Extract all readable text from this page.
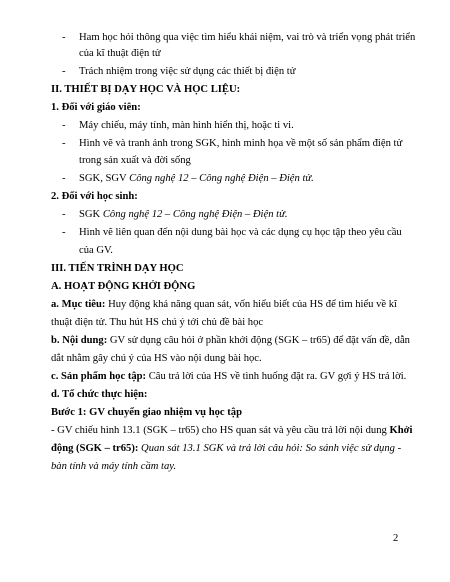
- Ham học hỏi thông qua việc tìm hiểu khái niệm, vai trò và triển vọng phát triển
của kĩ thuật điện tử
- Trách nhiệm trong việc sử dụng các thiết bị điện tử
II. THIẾT BỊ DẠY HỌC VÀ HỌC LIỆU:
1. Đối với giáo viên:
- Máy chiếu, máy tính, màn hình hiển thị, hoặc ti vi.
- Hình vẽ và tranh ảnh trong SGK, hình minh họa về một số sản phẩm điện tử
trong sản xuất và đời sống
- SGK, SGV Công nghệ 12 – Công nghệ Điện – Điện tử.
2. Đối với học sinh:
- SGK Công nghệ 12 – Công nghệ Điện – Điện tử.
- Hình vẽ liên quan đến nội dung bài học và các dụng cụ học tập theo yêu cầu
của GV.
III. TIẾN TRÌNH DẠY HỌC
A. HOẠT ĐỘNG KHỞI ĐỘNG
a. Mục tiêu: Huy động khả năng quan sát, vốn hiểu biết của HS để tìm hiểu về kĩ
thuật điện tử. Thu hút HS chú ý tới chủ đề bài học
b. Nội dung: GV sử dụng câu hỏi ở phần khởi động (SGK – tr65) để đặt vấn đề, dẫn
dắt nhằm gây chú ý của HS vào nội dung bài học.
c. Sản phẩm học tập: Câu trả lời của HS về tình huống đặt ra. GV gợi ý HS trả lời.
d. Tổ chức thực hiện:
Bước 1: GV chuyển giao nhiệm vụ học tập
- GV chiếu hình 13.1 (SGK – tr65) cho HS quan sát và yêu cầu trả lời nội dung Khởi
động (SGK – tr65): Quan sát 13.1 SGK và trả lời câu hỏi: So sánh việc sử dụng -
bàn tính và máy tính cầm tay.
2
